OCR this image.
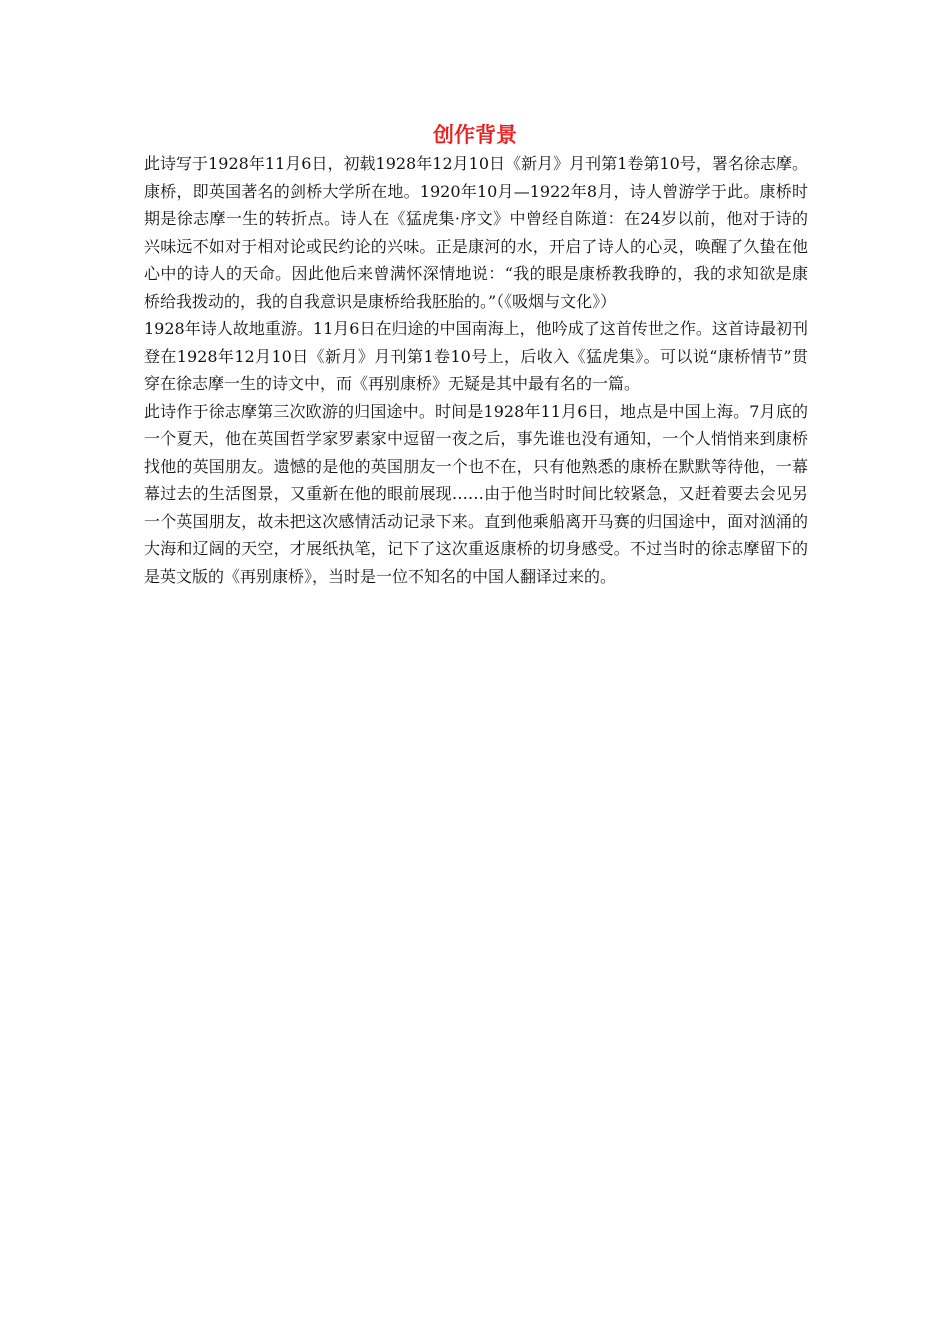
创作背景

此诗写于1928年11月6日，初载1928年12月10日《新月》月刊第1卷第10号，署名徐志摩。康桥，即英国著名的剑桥大学所在地。1920年10月—1922年8月，诗人曾游学于此。康桥时期是徐志摩一生的转折点。诗人在《猛虎集·序文》中曾经自陈道：在24岁以前，他对于诗的兴味远不如对于相对论或民约论的兴味。正是康河的水，开启了诗人的心灵，唤醒了久蛰在他心中的诗人的天命。因此他后来曾满怀深情地说：“我的眼是康桥教我睁的，我的求知欲是康桥给我拨动的，我的自我意识是康桥给我胚胎的。”（《吸烟与文化》）

1928年诗人故地重游。11月6日在归途的中国南海上，他吟成了这首传世之作。这首诗最初刊登在1928年12月10日《新月》月刊第1卷10号上，后收入《猛虎集》。可以说“康桥情节”贯穿在徐志摩一生的诗文中，而《再别康桥》无疑是其中最有名的一篇。

此诗作于徐志摩第三次欧游的归国途中。时间是1928年11月6日，地点是中国上海。7月底的一个夏天，他在英国哲学家罗素家中逗留一夜之后，事先谁也没有通知，一个人悄悄来到康桥找他的英国朋友。遗憾的是他的英国朋友一个也不在，只有他熟悉的康桥在默默等待他，一幕幕过去的生活图景，又重新在他的眼前展现……由于他当时时间比较紧急，又赶着要去会见另一个英国朋友，故未把这次感情活动记录下来。直到他乘船离开马赛的归国途中，面对汹涌的大海和辽阔的天空，才展纸执笔，记下了这次重返康桥的切身感受。不过当时的徐志摩留下的是英文版的《再别康桥》，当时是一位不知名的中国人翻译过来的。
